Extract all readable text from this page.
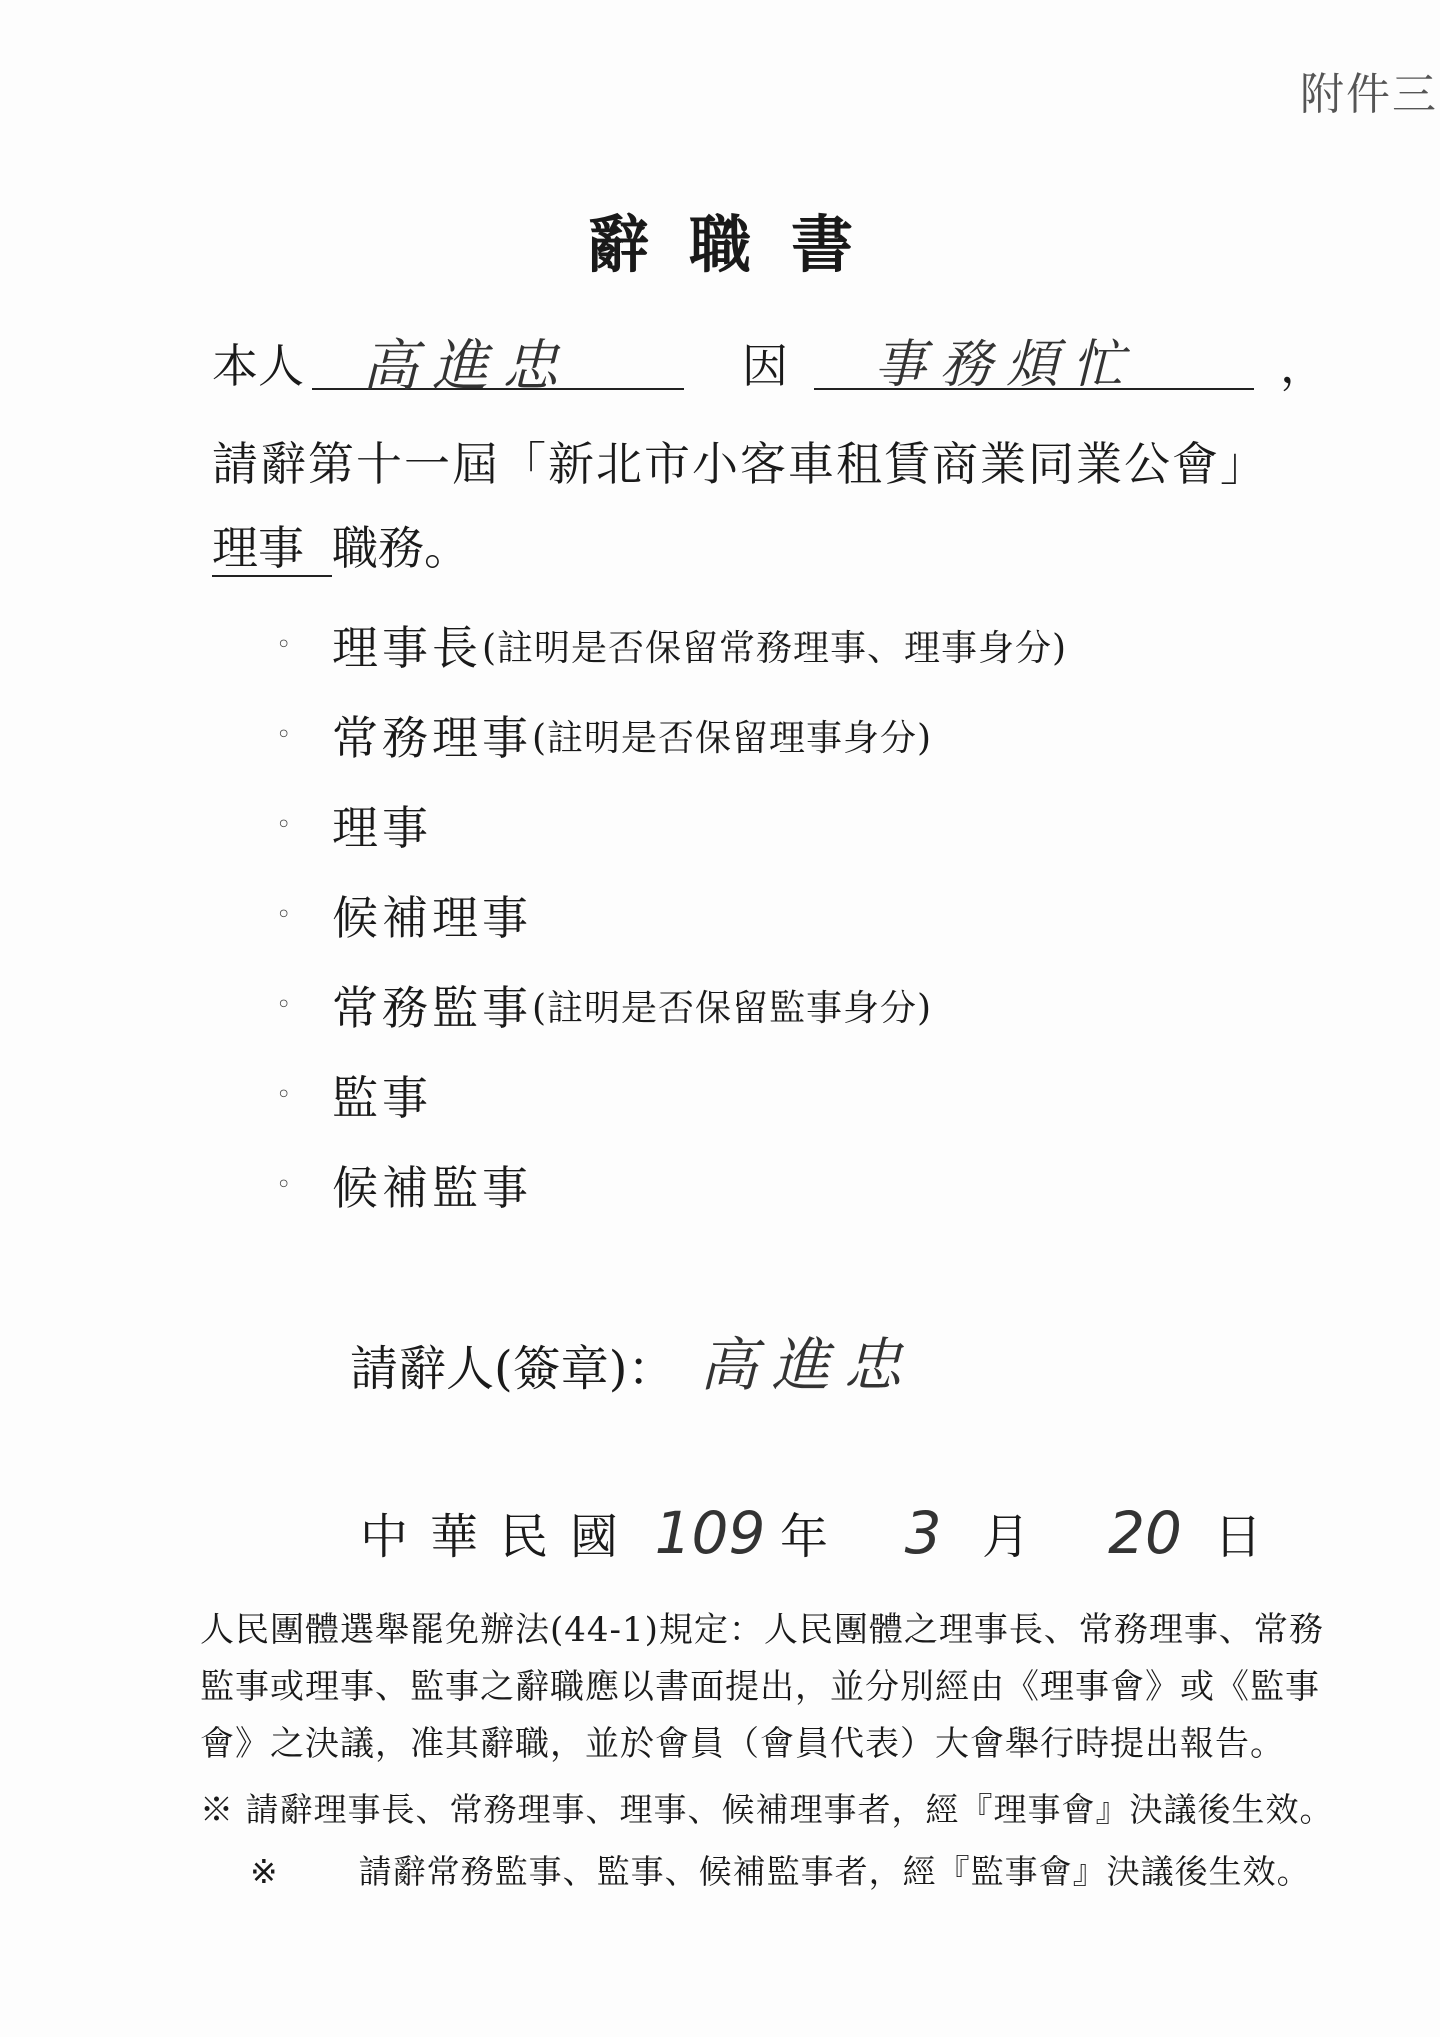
附件三
辭職書
本人 高進忠	因 事務煩忙	，
請辭第十一屆「新北市小客車租賃商業同業公會」
理事 職務。
◦ 理事長 (註明是否保留常務理事、理事身分)
◦ 常務理事 (註明是否保留理事身分)
◦ 理事
◦ 候補理事
◦ 常務監事 (註明是否保留監事身分)
◦ 監事
◦ 候補監事
請辭人(簽章)： 高進忠
中華民國 109 年 3 月 20 日
人民團體選舉罷免辦法(44-1)規定：人民團體之理事長、常務理事、常務監事或理事、監事之辭職應以書面提出，並分別經由《理事會》或《監事會》之決議，准其辭職，並於會員（會員代表）大會舉行時提出報告。
※ 請辭理事長、常務理事、理事、候補理事者，經『理事會』決議後生效。
※ 請辭常務監事、監事、候補監事者，經『監事會』決議後生效。
